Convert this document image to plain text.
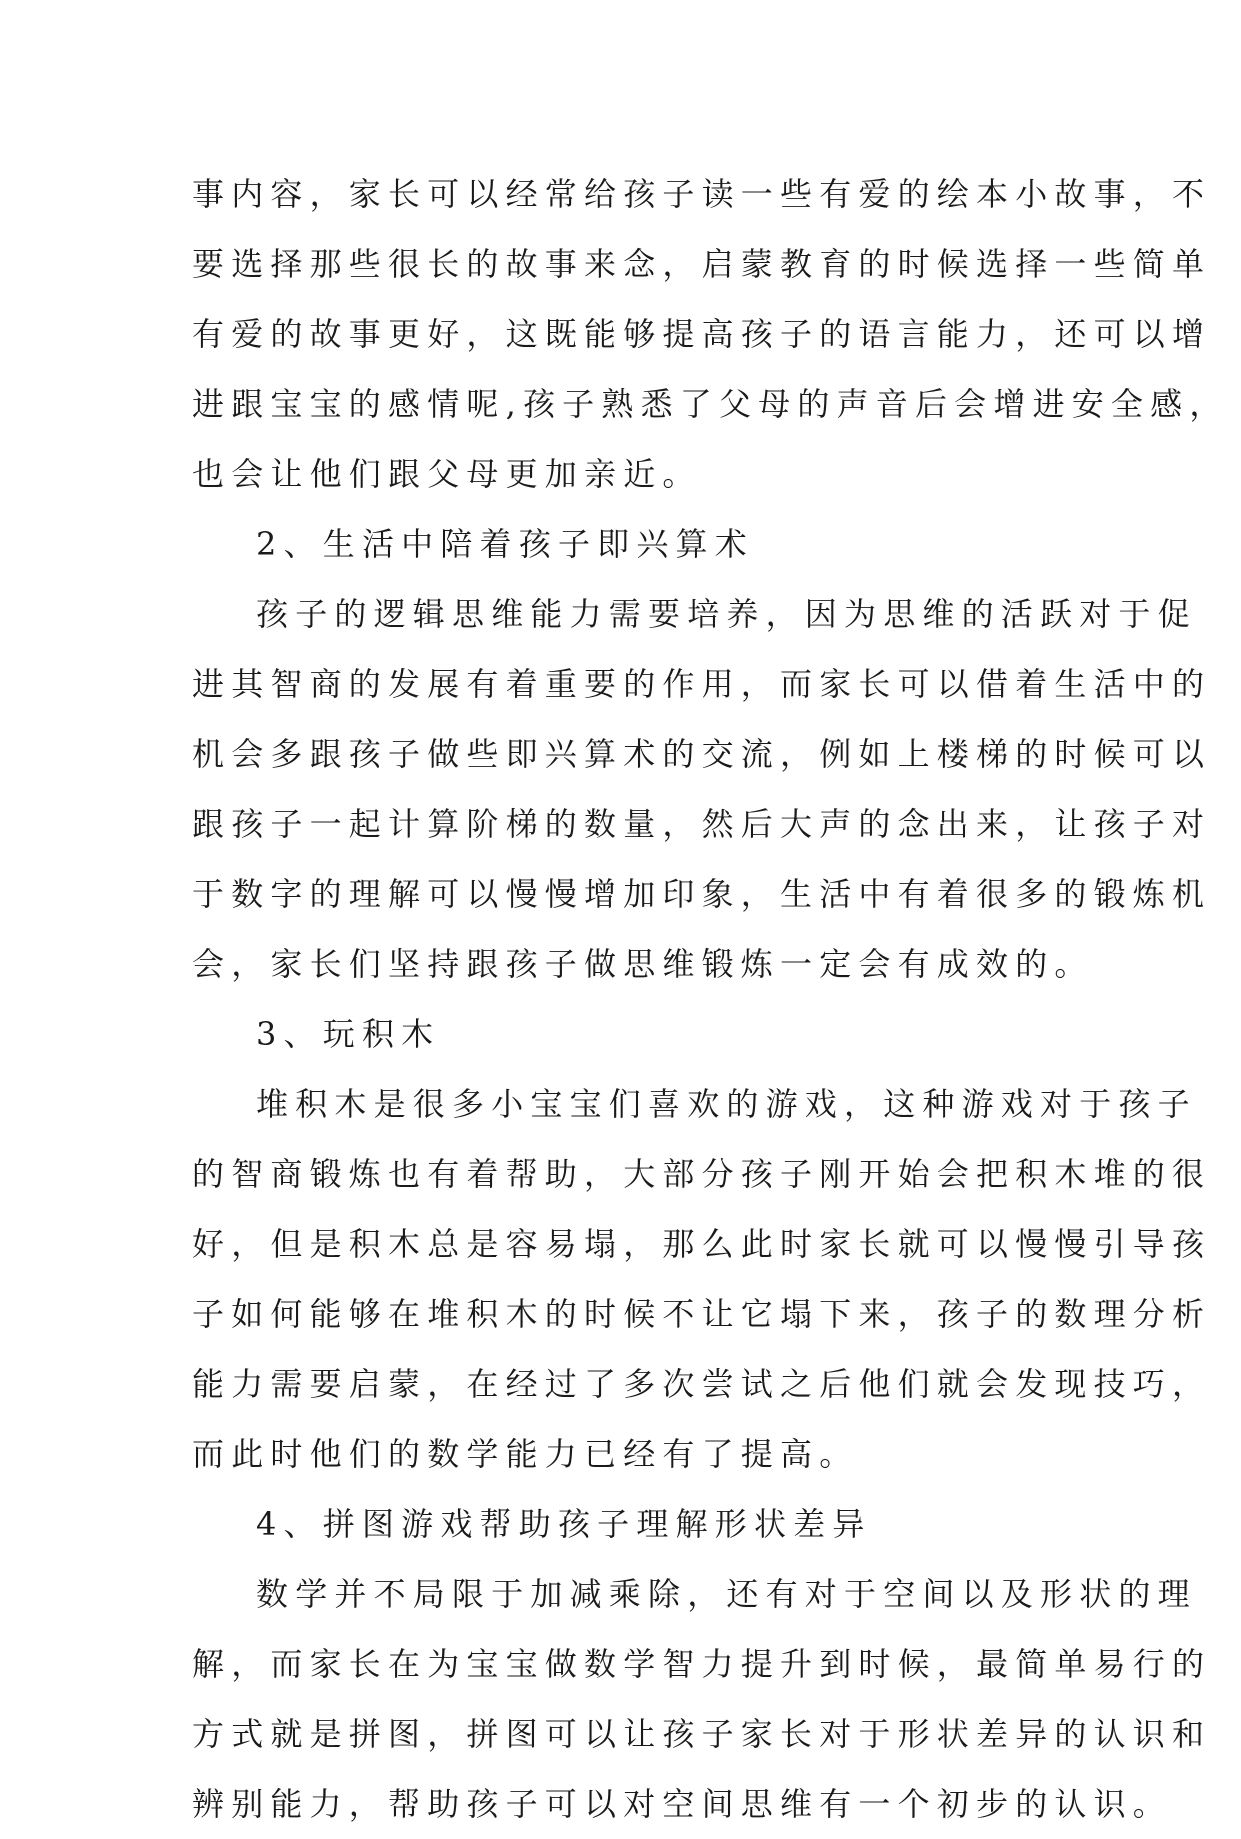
事内容，家长可以经常给孩子读一些有爱的绘本小故事，不
要选择那些很长的故事来念，启蒙教育的时候选择一些简单
有爱的故事更好，这既能够提高孩子的语言能力，还可以增
进跟宝宝的感情呢,孩子熟悉了父母的声音后会增进安全感，
也会让他们跟父母更加亲近。
2、生活中陪着孩子即兴算术
孩子的逻辑思维能力需要培养，因为思维的活跃对于促
进其智商的发展有着重要的作用，而家长可以借着生活中的
机会多跟孩子做些即兴算术的交流，例如上楼梯的时候可以
跟孩子一起计算阶梯的数量，然后大声的念出来，让孩子对
于数字的理解可以慢慢增加印象，生活中有着很多的锻炼机
会，家长们坚持跟孩子做思维锻炼一定会有成效的。
3、玩积木
堆积木是很多小宝宝们喜欢的游戏，这种游戏对于孩子
的智商锻炼也有着帮助，大部分孩子刚开始会把积木堆的很
好，但是积木总是容易塌，那么此时家长就可以慢慢引导孩
子如何能够在堆积木的时候不让它塌下来，孩子的数理分析
能力需要启蒙，在经过了多次尝试之后他们就会发现技巧，
而此时他们的数学能力已经有了提高。
4、拼图游戏帮助孩子理解形状差异
数学并不局限于加减乘除，还有对于空间以及形状的理
解，而家长在为宝宝做数学智力提升到时候，最简单易行的
方式就是拼图，拼图可以让孩子家长对于形状差异的认识和
辨别能力，帮助孩子可以对空间思维有一个初步的认识。
